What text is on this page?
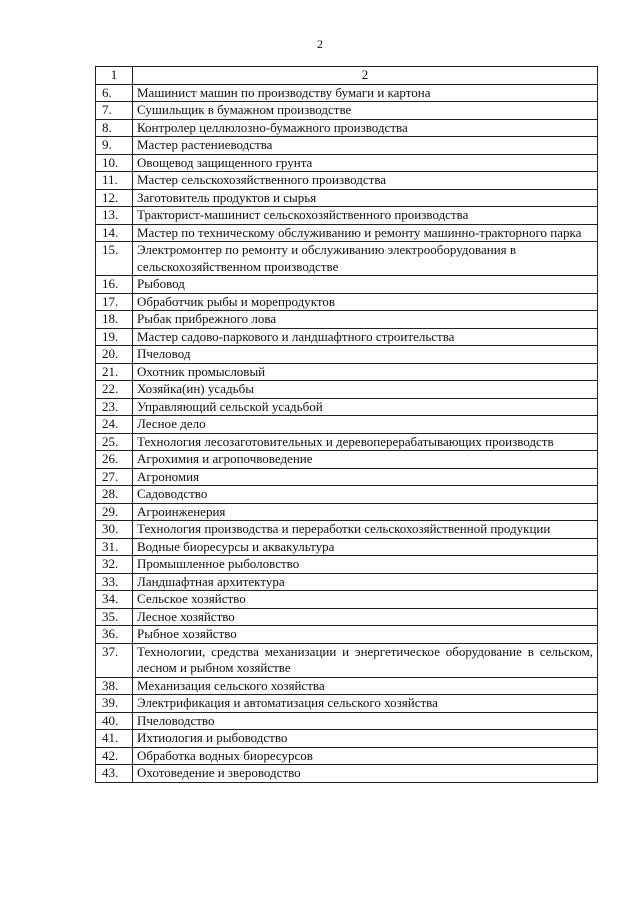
2
1	2
6.	Машинист машин по производству бумаги и картона
7.	Сушильщик в бумажном производстве
8.	Контролер целлюлозно-бумажного производства
9.	Мастер растениеводства
10.	Овощевод защищенного грунта
11.	Мастер сельскохозяйственного производства
12.	Заготовитель продуктов и сырья
13.	Тракторист-машинист сельскохозяйственного производства
14.	Мастер по техническому обслуживанию и ремонту машинно-тракторного парка
15.	Электромонтер по ремонту и обслуживанию электрооборудования в сельскохозяйственном производстве
16.	Рыбовод
17.	Обработчик рыбы и морепродуктов
18.	Рыбак прибрежного лова
19.	Мастер садово-паркового и ландшафтного строительства
20.	Пчеловод
21.	Охотник промысловый
22.	Хозяйка(ин) усадьбы
23.	Управляющий сельской усадьбой
24.	Лесное дело
25.	Технология лесозаготовительных и деревоперерабатывающих производств
26.	Агрохимия и агропочвоведение
27.	Агрономия
28.	Садоводство
29.	Агроинженерия
30.	Технология производства и переработки сельскохозяйственной продукции
31.	Водные биоресурсы и аквакультура
32.	Промышленное рыболовство
33.	Ландшафтная архитектура
34.	Сельское хозяйство
35.	Лесное хозяйство
36.	Рыбное хозяйство
37.	Технологии, средства механизации и энергетическое оборудование в сельском, лесном и рыбном хозяйстве
38.	Механизация сельского хозяйства
39.	Электрификация и автоматизация сельского хозяйства
40.	Пчеловодство
41.	Ихтиология и рыбоводство
42.	Обработка водных биоресурсов
43.	Охотоведение и звероводство
